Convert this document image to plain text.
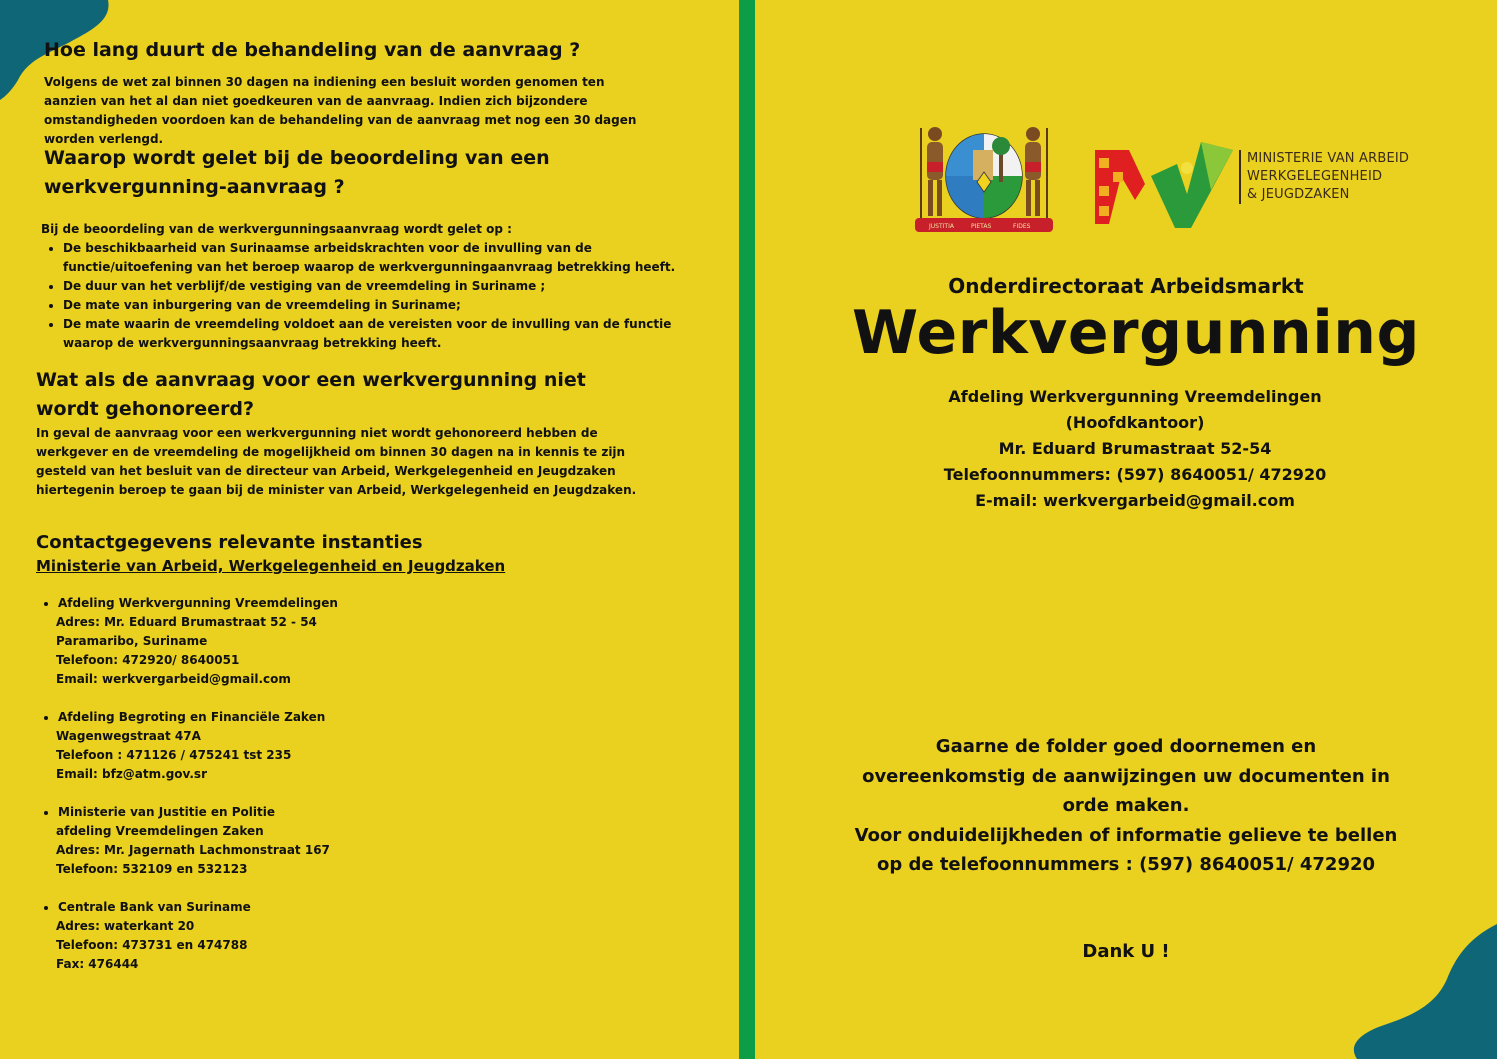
Hoe lang duurt de behandeling van de aanvraag ?
Volgens de wet zal binnen 30 dagen na indiening een besluit worden genomen ten aanzien van het al dan niet goedkeuren van de aanvraag. Indien zich bijzondere omstandigheden voordoen kan de behandeling van de aanvraag met nog een 30 dagen worden verlengd.
Waarop wordt gelet bij de beoordeling van een werkvergunning-aanvraag ?
Bij de beoordeling van de werkvergunningsaanvraag wordt gelet op :
• De beschikbaarheid van Surinaamse arbeidskrachten voor de invulling van de functie/uitoefening van het beroep waarop de werkvergunningaanvraag betrekking heeft.
• De duur van het verblijf/de vestiging van de vreemdeling in Suriname ;
• De mate van inburgering van de vreemdeling in Suriname;
• De mate waarin de vreemdeling voldoet aan de vereisten voor de invulling van de functie waarop de werkvergunningsaanvraag betrekking heeft.
Wat als de aanvraag voor een werkvergunning niet wordt gehonoreerd?
In geval de aanvraag voor een werkvergunning niet wordt gehonoreerd hebben de werkgever en de vreemdeling de mogelijkheid om binnen 30 dagen na in kennis te zijn gesteld van het besluit van de directeur van Arbeid, Werkgelegenheid en Jeugdzaken hiertegenin beroep te gaan bij de minister van Arbeid, Werkgelegenheid en Jeugdzaken.
Contactgegevens relevante instanties
Ministerie van Arbeid, Werkgelegenheid en Jeugdzaken
• Afdeling Werkvergunning Vreemdelingen
Adres: Mr. Eduard Brumastraat 52 - 54
Paramaribo, Suriname
Telefoon: 472920/ 8640051
Email: werkvergarbeid@gmail.com
• Afdeling Begroting en Financiële Zaken
Wagenwegstraat 47A
Telefoon : 471126 / 475241 tst 235
Email: bfz@atm.gov.sr
• Ministerie van Justitie en Politie
afdeling Vreemdelingen Zaken
Adres: Mr. Jagernath Lachmonstraat 167
Telefoon: 532109 en 532123
• Centrale Bank van Suriname
Adres: waterkant 20
Telefoon: 473731 en 474788
Fax: 476444
JUSTITIA	PIETAS	FIDES
MINISTERIE VAN ARBEID
WERKGELEGENHEID
& JEUGDZAKEN
Onderdirectoraat Arbeidsmarkt
Werkvergunning
Afdeling Werkvergunning Vreemdelingen
(Hoofdkantoor)
Mr. Eduard Brumastraat 52-54
Telefoonnummers: (597) 8640051/ 472920
E-mail: werkvergarbeid@gmail.com
Gaarne de folder goed doornemen en
overeenkomstig de aanwijzingen uw documenten in
orde maken.
Voor onduidelijkheden of informatie gelieve te bellen
op de telefoonnummers : (597) 8640051/ 472920
Dank U !
